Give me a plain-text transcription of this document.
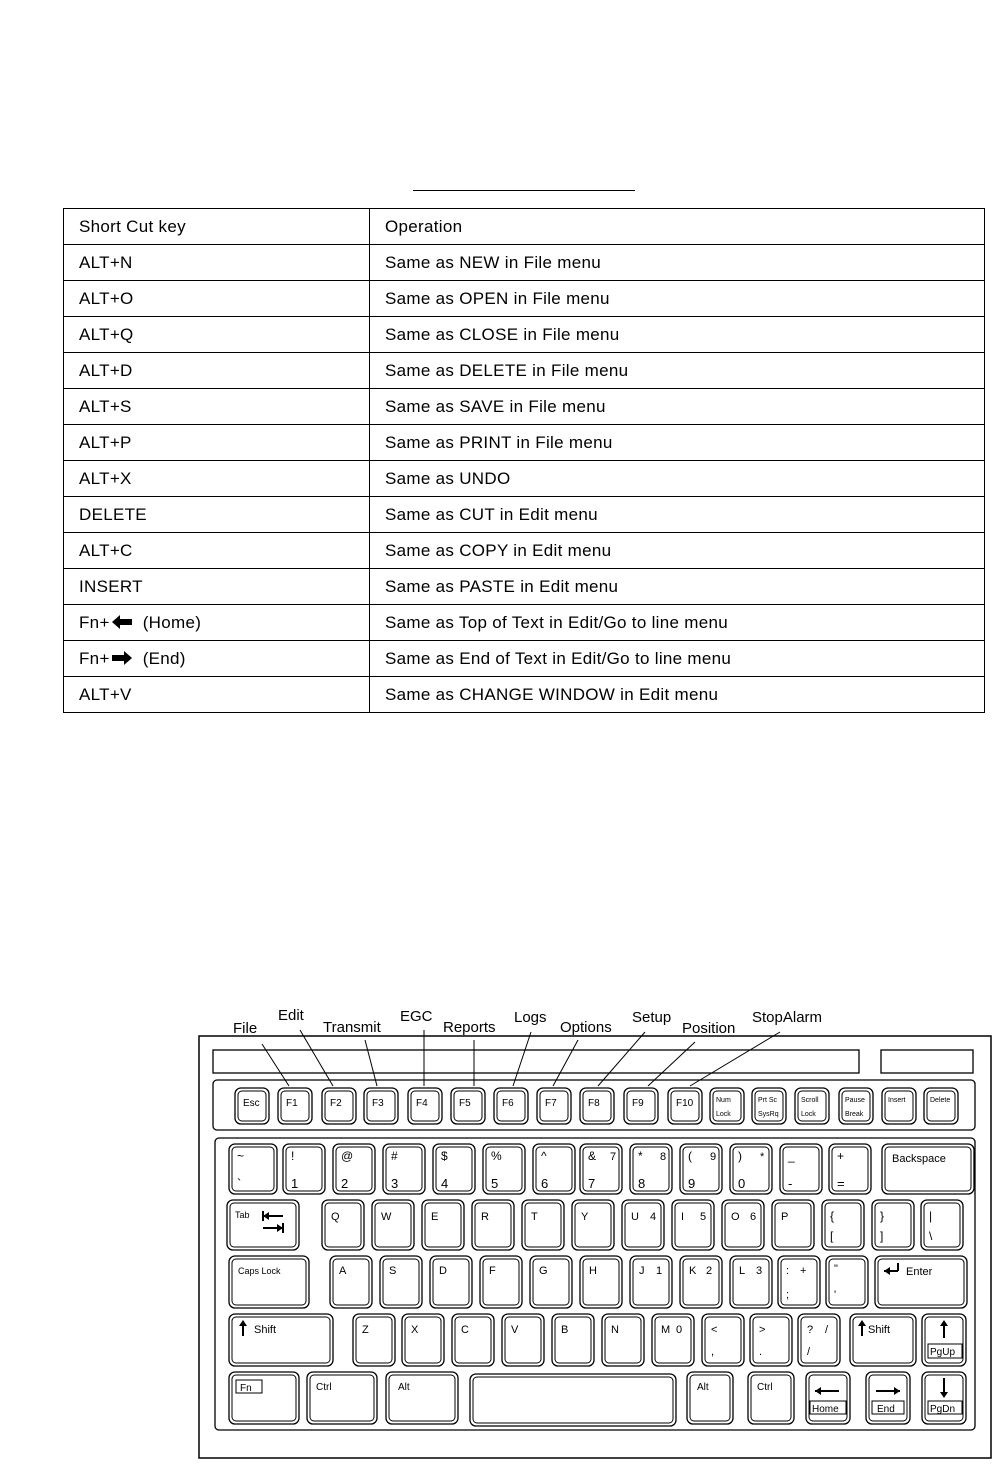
Short Cut key	Operation
ALT+N	Same as NEW in File menu
ALT+O	Same as OPEN in File menu
ALT+Q	Same as CLOSE in File menu
ALT+D	Same as DELETE in File menu
ALT+S	Same as SAVE in File menu
ALT+P	Same as PRINT in File menu
ALT+X	Same as UNDO
DELETE	Same as CUT in Edit menu
ALT+C	Same as COPY in Edit menu
INSERT	Same as PASTE in Edit menu
Fn+ (Home)	Same as Top of Text in Edit/Go to line menu
Fn+ (End)	Same as End of Text in Edit/Go to line menu
ALT+V	Same as CHANGE WINDOW in Edit menu
Esc	F1	F2	F3	F4	F5	F6	F7	F8	F9	F10	Num
Lock
Prt Sc
SysRq
Scroll
Lock
Pause
Break
Insert	Delete
File
Edit
Transmit
EGC
Reports
Logs
Options
Setup
Position
StopAlarm
~
`
!
1
@
2
#
3
$
4
%
5
^
6
&
7
7 *
8
8 (
9
9 )
0
* _
-
+
=
Backspace
Tab	Q	W	E	R	T	Y	U 4 I 5 O 6 P	{
[
}
]
|
\
Caps Lock	A	S	D	F	G	H	J 1 K 2 L 3 : +
;
"
'
Enter
Shift	Z	X	C	V	B	N	M 0	<
,
>
.
? /
/
Shift
PgUp
Fn	Ctrl	Alt	Alt	Ctrl
Home	End	PgDn
